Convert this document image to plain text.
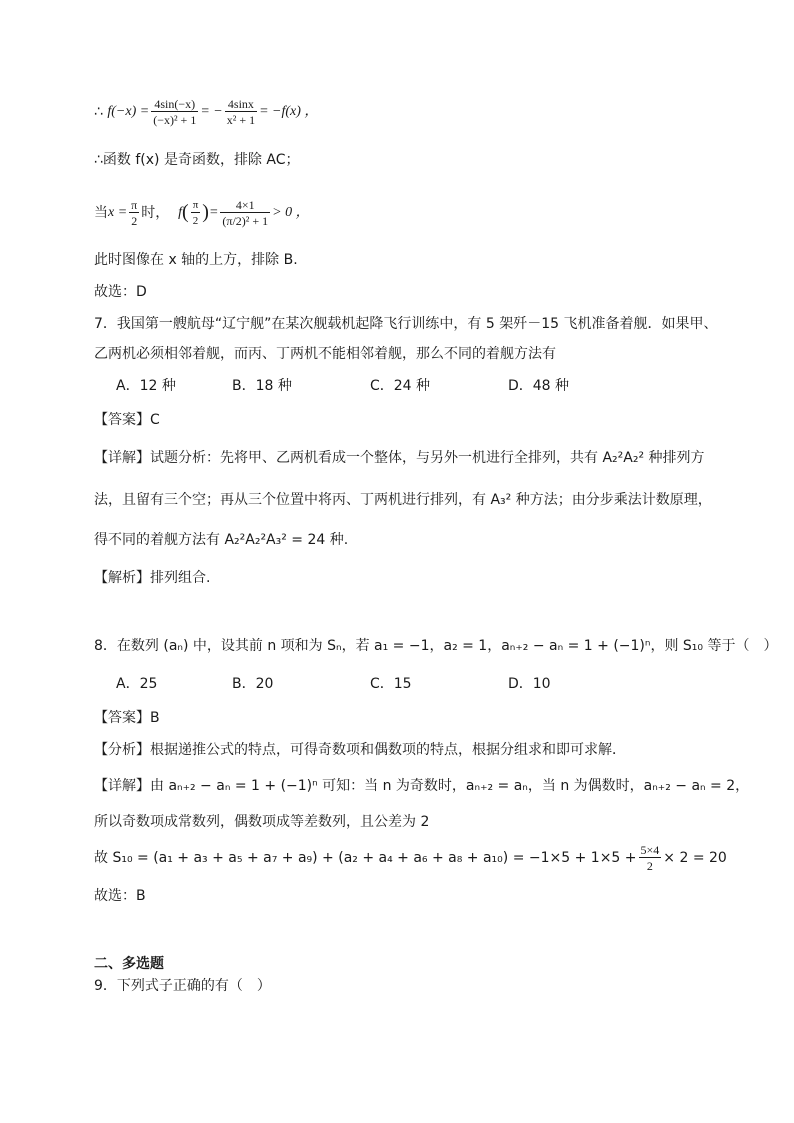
∴
$f(-x) = \frac{4\sin(-x)}{\text{(−x)² + 1}}$ = − $\frac{4\sin x}{\text{x² + 1}} = -f(x)$ ，
∴函数 f(x) 是奇函数，排除 AC；
当 $x = \frac{\pi}{2}$ 时，
f ( $\frac{\pi}{2}$ ) = $\frac{4\times 1}{\text{(π/2)² + 1}} > 0$ ，
此时图像在 x 轴的上方，排除 B.
故选：D
7．我国第一艘航母“辽宁舰”在某次舰载机起降飞行训练中，有 5 架歼－15 飞机准备着舰．如果甲、
乙两机必须相邻着舰，而丙、丁两机不能相邻着舰，那么不同的着舰方法有
A．12 种	B．18 种	C．24 种	D．48 种
【答案】C
【详解】试题分析：先将甲、乙两机看成一个整体，与另外一机进行全排列，共有 A₂²A₂² 种排列方
法，且留有三个空；再从三个位置中将丙、丁两机进行排列，有 A₃² 种方法；由分步乘法计数原理，
得不同的着舰方法有 A₂²A₂²A₃² = 24 种.
【解析】排列组合.
8．在数列 (aₙ) 中，设其前 n 项和为 Sₙ，若 a₁ = −1，a₂ = 1，aₙ₊₂ − aₙ = 1 + (−1)ⁿ，则 S₁₀ 等于（　）
A．25	B．20	C．15	D．10
【答案】B
【分析】根据递推公式的特点，可得奇数项和偶数项的特点，根据分组求和即可求解．
【详解】由 aₙ₊₂ − aₙ = 1 + (−1)ⁿ 可知：当 n 为奇数时，aₙ₊₂ = aₙ，当 n 为偶数时，aₙ₊₂ − aₙ = 2，
所以奇数项成常数列，偶数项成等差数列，且公差为 2
故 $S_{10} = (a_1 + a_3 + a_5 + a_7 + a_9) + (a_2 + a_4 + a_6 + a_8 + a_{10}) = -1\times 5 + 1\times 5 + \frac{5\times 4}{2} \times 2 = 20$
故选：B
二、多选题
9．下列式子正确的有（　）
